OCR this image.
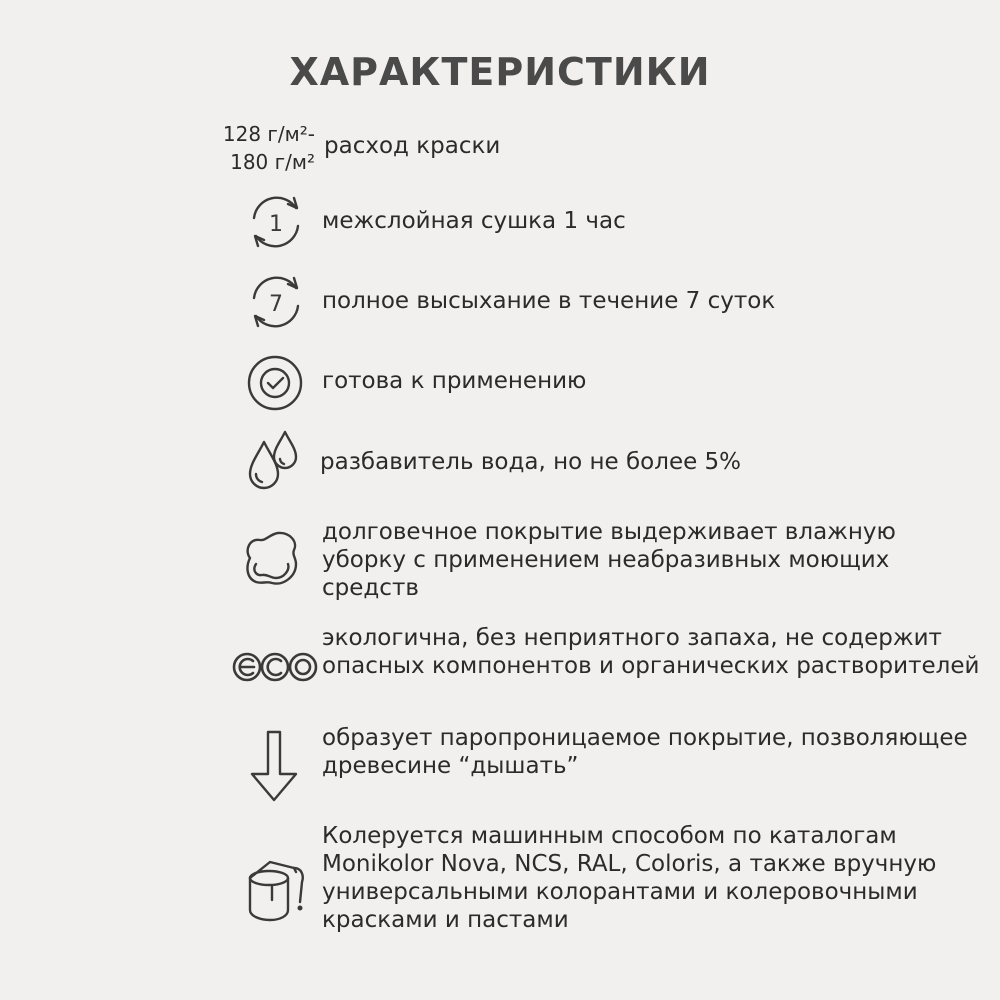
ХАРАКТЕРИСТИКИ
128 г/м²-
180 г/м²
расход краски
1 межслойная сушка 1 час
7 полное высыхание в течение 7 суток
готова к применению
разбавитель вода, но не более 5%
долговечное покрытие выдерживает влажную уборку с применением неабразивных моющих средств
экологична, без неприятного запаха, не содержит опасных компонентов и органических растворителей
образует паропроницаемое покрытие, позволяющее древесине “дышать”
Колеруется машинным способом по каталогам Monikolor Nova, NCS, RAL, Coloris, а также вручную универсальными колорантами и колеровочными красками и пастами
